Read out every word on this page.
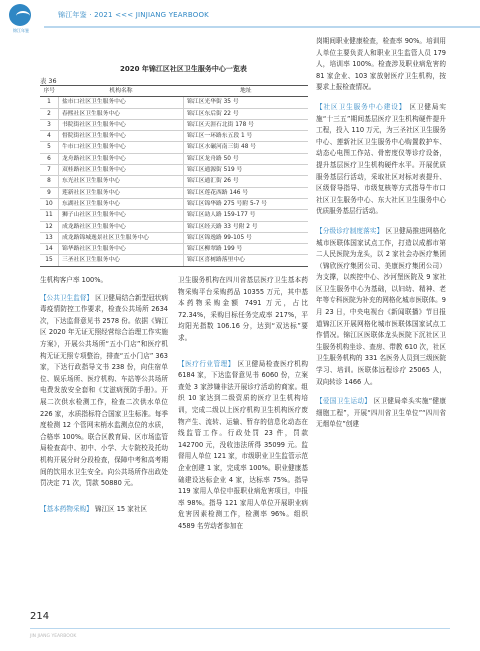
锦江年鉴
锦江年鉴 · 2021 <<< JINJIANG YEARBOOK
2020 年锦江区社区卫生服务中心一览表
表 36
序号	机构名称	地址
1	盐市口社区卫生服务中心	锦江区光华街 35 号
2	春熙社区卫生服务中心	锦江区东后街 22 号
3	书院街社区卫生服务中心	锦江区天涯石北街 178 号
4	督院街社区卫生服务中心	锦江区一环路东五段 1 号
5	牛市口社区卫生服务中心	锦江区水碾河南三街 48 号
6	龙舟路社区卫生服务中心	锦江区龙舟路 50 号
7	双桂路社区卫生服务中心	锦江区通源街 519 号
8	东光社区卫生服务中心	锦江区通汇街 26 号
9	莲新社区卫生服务中心	锦江区莲花西路 146 号
10	东湖社区卫生服务中心	锦江区锦华路 275 号附 5-7 号
11	狮子山社区卫生服务中心	锦江区劼人路 159-177 号
12	成龙路社区卫生服务中心	锦江区经天路 33 号附 2 号
13	成龙路锦城逸景社区卫生服务中心	锦江区锦逸路 99-105 号
14	锦华路社区卫生服务中心	锦江区柳翠路 199 号
15	三圣社区卫生服务中心	锦江区喜树路落里中心

生机构客户率 100%。

【公共卫生监督】 区卫健局结合新型冠状病毒疫情防控工作要求，检查公共场所 2634 次，下达监督意见书 2578 份。依据《锦江区 2020 年无证无照经营综合治理工作实施方案》，开展公共场所“五小门店”和医疗机构无证无照专项整治，排查“五小门店” 363 家，下达行政指导文书 238 份，向住宿单位、娱乐场所、医疗机构、车站等公共场所电费发放安全套和《艾滋病预防手册》。开展二次供水检测工作，检查二次供水单位 226 家，水质指标符合国家卫生标准。每季度检测 12 个管网末梢水监测点位的水质，合格率 100%。联合区教育局、区市场监管局检查高中、初中、小学、大专院校及托幼机构开展分时分段检查，保障中考和高考期间的饮用水卫生安全。向公共场所作出政处罚决定 71 次，罚款 50880 元。

【基本药物采购】 锦江区 15 家社区

卫生服务机构在四川省基层医疗卫生基本药物采购平台采购药品 10355 万元，其中基本药物采购金额 7491 万元，占比 72.34%，采购目标任务完成率 217%，平均阳光指数 106.16 分，达到“双达标”要求。

【医疗行业管理】 区卫健局检查医疗机构 6184 家，下达监督意见书 6060 份，立案查处 3 家涉嫌非法开展诊疗活动的商家。组织 10 家达到二级资质的医疗卫生机构培训，完成二级以上医疗机构卫生机构医疗废物产生、流转、运输、暂存的信息化动态在线监管工作。行政处罚 23 件，罚款 142700 元，没收违法所得 35099 元。监督用人单位 121 家，市级职业卫生监管示范企业创建 1 家，完成率 100%。职业健康基础建设达标企业 4 家，达标率 75%。指导 119 家用人单位申报职业病危害项目，申报率 98%。指导 121 家用人单位开展职业病危害因素检测工作，检测率 96%。组织 4589 名劳动者参加在

岗期间职业健康检查，检查率 90%。培训用人单位主要负责人和职业卫生监管人员 179 人，培训率 100%。检查涉及职业病危害的 81 家企业、103 家放射医疗卫生机构，按要求上报检查情况。

【社区卫生服务中心建设】 区卫健局实施“十三五”期间基层医疗卫生机构硬件提升工程，投入 110 万元，为三圣社区卫生服务中心、莲新社区卫生服务中心购置救护车、动态心电图工作站、骨密度仪等诊疗设备，提升基层医疗卫生机构硬件水平。开展优质服务基层行活动，采取社区对标对表提升、区级督导指导、市级复核等方式指导牛市口社区卫生服务中心、东大社区卫生服务中心优质服务基层行活动。

【分级诊疗制度落实】 区卫健局推进网格化城市医联体国家试点工作，打造以成都市第二人民医院为龙头，以 2 家社会办医疗集团（锦欣医疗集团公司、美康医疗集团公司）为支撑，以疾控中心、沙河堡医院及 9 家社区卫生服务中心为基础，以妇幼、精神、老年等专科医院为补充的网格化城市医联体。9 月 23 日，中央电视台《新闻联播》节目报道锦江区开展网格化城市医联体国家试点工作情况。锦江区医联体龙头医院下沉社区卫生服务机构坐诊、查房、带教 610 次，社区卫生服务机构的 331 名医务人员到三级医院学习、培训。医联体远程诊疗 25065 人，双向转诊 1466 人。

【爱国卫生运动】 区卫健局牵头实施“健康细胞工程”，开展“四川省卫生单位”“四川省无烟单位”创建

214
JIN JIANG YEARBOOK
